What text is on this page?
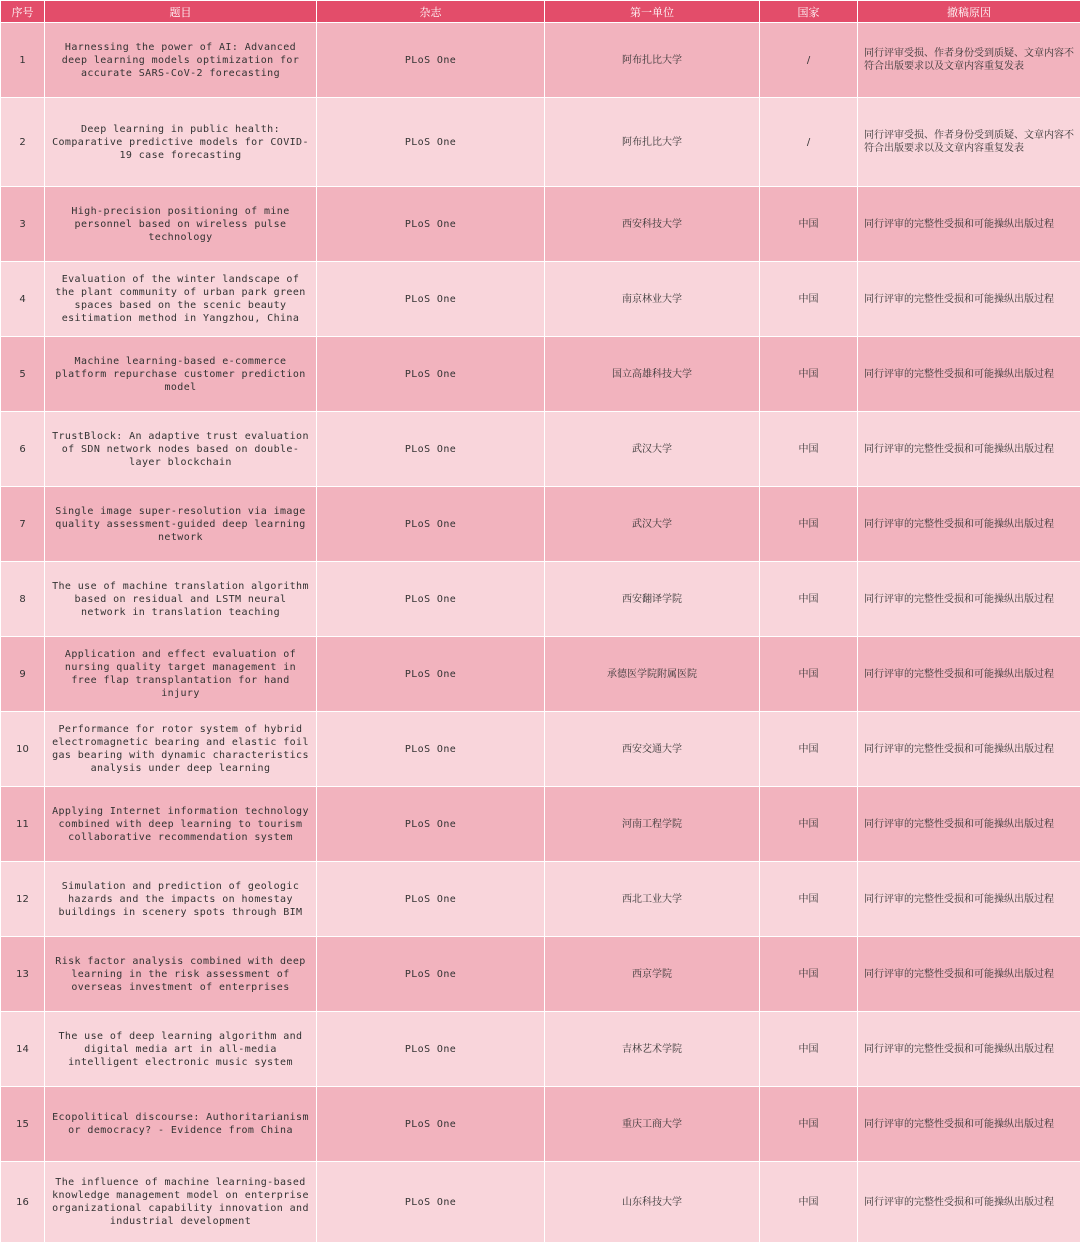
序号	题目	杂志	第一单位	国家	撤稿原因
1	Harnessing the power of AI: Advanced deep learning models optimization for accurate SARS-CoV-2 forecasting	PLoS One	阿布扎比大学	/	同行评审受损、作者身份受到质疑、文章内容不符合出版要求以及文章内容重复发表
2	Deep learning in public health: Comparative predictive models for COVID-19 case forecasting	PLoS One	阿布扎比大学	/	同行评审受损、作者身份受到质疑、文章内容不符合出版要求以及文章内容重复发表
3	High-precision positioning of mine personnel based on wireless pulse technology	PLoS One	西安科技大学	中国	同行评审的完整性受损和可能操纵出版过程
4	Evaluation of the winter landscape of the plant community of urban park green spaces based on the scenic beauty esitimation method in Yangzhou, China	PLoS One	南京林业大学	中国	同行评审的完整性受损和可能操纵出版过程
5	Machine learning-based e-commerce platform repurchase customer prediction model	PLoS One	国立高雄科技大学	中国	同行评审的完整性受损和可能操纵出版过程
6	TrustBlock: An adaptive trust evaluation of SDN network nodes based on double-layer blockchain	PLoS One	武汉大学	中国	同行评审的完整性受损和可能操纵出版过程
7	Single image super-resolution via image quality assessment-guided deep learning network	PLoS One	武汉大学	中国	同行评审的完整性受损和可能操纵出版过程
8	The use of machine translation algorithm based on residual and LSTM neural network in translation teaching	PLoS One	西安翻译学院	中国	同行评审的完整性受损和可能操纵出版过程
9	Application and effect evaluation of nursing quality target management in free flap transplantation for hand injury	PLoS One	承德医学院附属医院	中国	同行评审的完整性受损和可能操纵出版过程
10	Performance for rotor system of hybrid electromagnetic bearing and elastic foil gas bearing with dynamic characteristics analysis under deep learning	PLoS One	西安交通大学	中国	同行评审的完整性受损和可能操纵出版过程
11	Applying Internet information technology combined with deep learning to tourism collaborative recommendation system	PLoS One	河南工程学院	中国	同行评审的完整性受损和可能操纵出版过程
12	Simulation and prediction of geologic hazards and the impacts on homestay buildings in scenery spots through BIM	PLoS One	西北工业大学	中国	同行评审的完整性受损和可能操纵出版过程
13	Risk factor analysis combined with deep learning in the risk assessment of overseas investment of enterprises	PLoS One	西京学院	中国	同行评审的完整性受损和可能操纵出版过程
14	The use of deep learning algorithm and digital media art in all-media intelligent electronic music system	PLoS One	吉林艺术学院	中国	同行评审的完整性受损和可能操纵出版过程
15	Ecopolitical discourse: Authoritarianism or democracy? - Evidence from China	PLoS One	重庆工商大学	中国	同行评审的完整性受损和可能操纵出版过程
16	The influence of machine learning-based knowledge management model on enterprise organizational capability innovation and industrial development	PLoS One	山东科技大学	中国	同行评审的完整性受损和可能操纵出版过程
